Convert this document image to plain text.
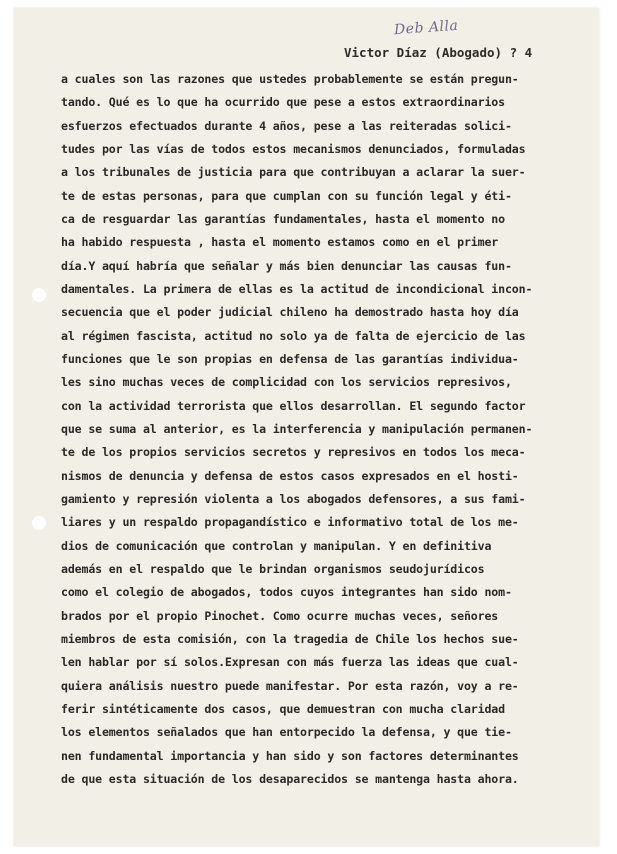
Deb Alla
Victor Díaz (Abogado) ? 4
a cuales son las razones que ustedes probablemente se están pregun-
tando. Qué es lo que ha ocurrido que pese a estos extraordinarios
esfuerzos efectuados durante 4 años, pese a las reiteradas solici-
tudes por las vías de todos estos mecanismos denunciados, formuladas
a los tribunales de justicia para que contribuyan a aclarar la suer-
te de estas personas, para que cumplan con su función legal y éti-
ca de resguardar las garantías fundamentales, hasta el momento no
ha habido respuesta , hasta el momento estamos como en el primer
día.Y aquí habría que señalar y más bien denunciar las causas fun-
damentales. La primera de ellas es la actitud de incondicional incon-
secuencia que el poder judicial chileno ha demostrado hasta hoy día
al régimen fascista, actitud no solo ya de falta de ejercicio de las
funciones que le son propias en defensa de las garantías individua-
les sino muchas veces de complicidad con los servicios represivos,
con la actividad terrorista que ellos desarrollan. El segundo factor
que se suma al anterior, es la interferencia y manipulación permanen-
te de los propios servicios secretos y represivos en todos los meca-
nismos de denuncia y defensa de estos casos expresados en el hosti-
gamiento y represión violenta a los abogados defensores, a sus fami-
liares y un respaldo propagandístico e informativo total de los me-
dios de comunicación que controlan y manipulan. Y en definitiva
además en el respaldo que le brindan organismos seudojurídicos
como el colegio de abogados, todos cuyos integrantes han sido nom-
brados por el propio Pinochet. Como ocurre muchas veces, señores
miembros de esta comisión, con la tragedia de Chile los hechos sue-
len hablar por sí solos.Expresan con más fuerza las ideas que cual-
quiera análisis nuestro puede manifestar. Por esta razón, voy a re-
ferir sintéticamente dos casos, que demuestran con mucha claridad
los elementos señalados que han entorpecido la defensa, y que tie-
nen fundamental importancia y han sido y son factores determinantes
de que esta situación de los desaparecidos se mantenga hasta ahora.
